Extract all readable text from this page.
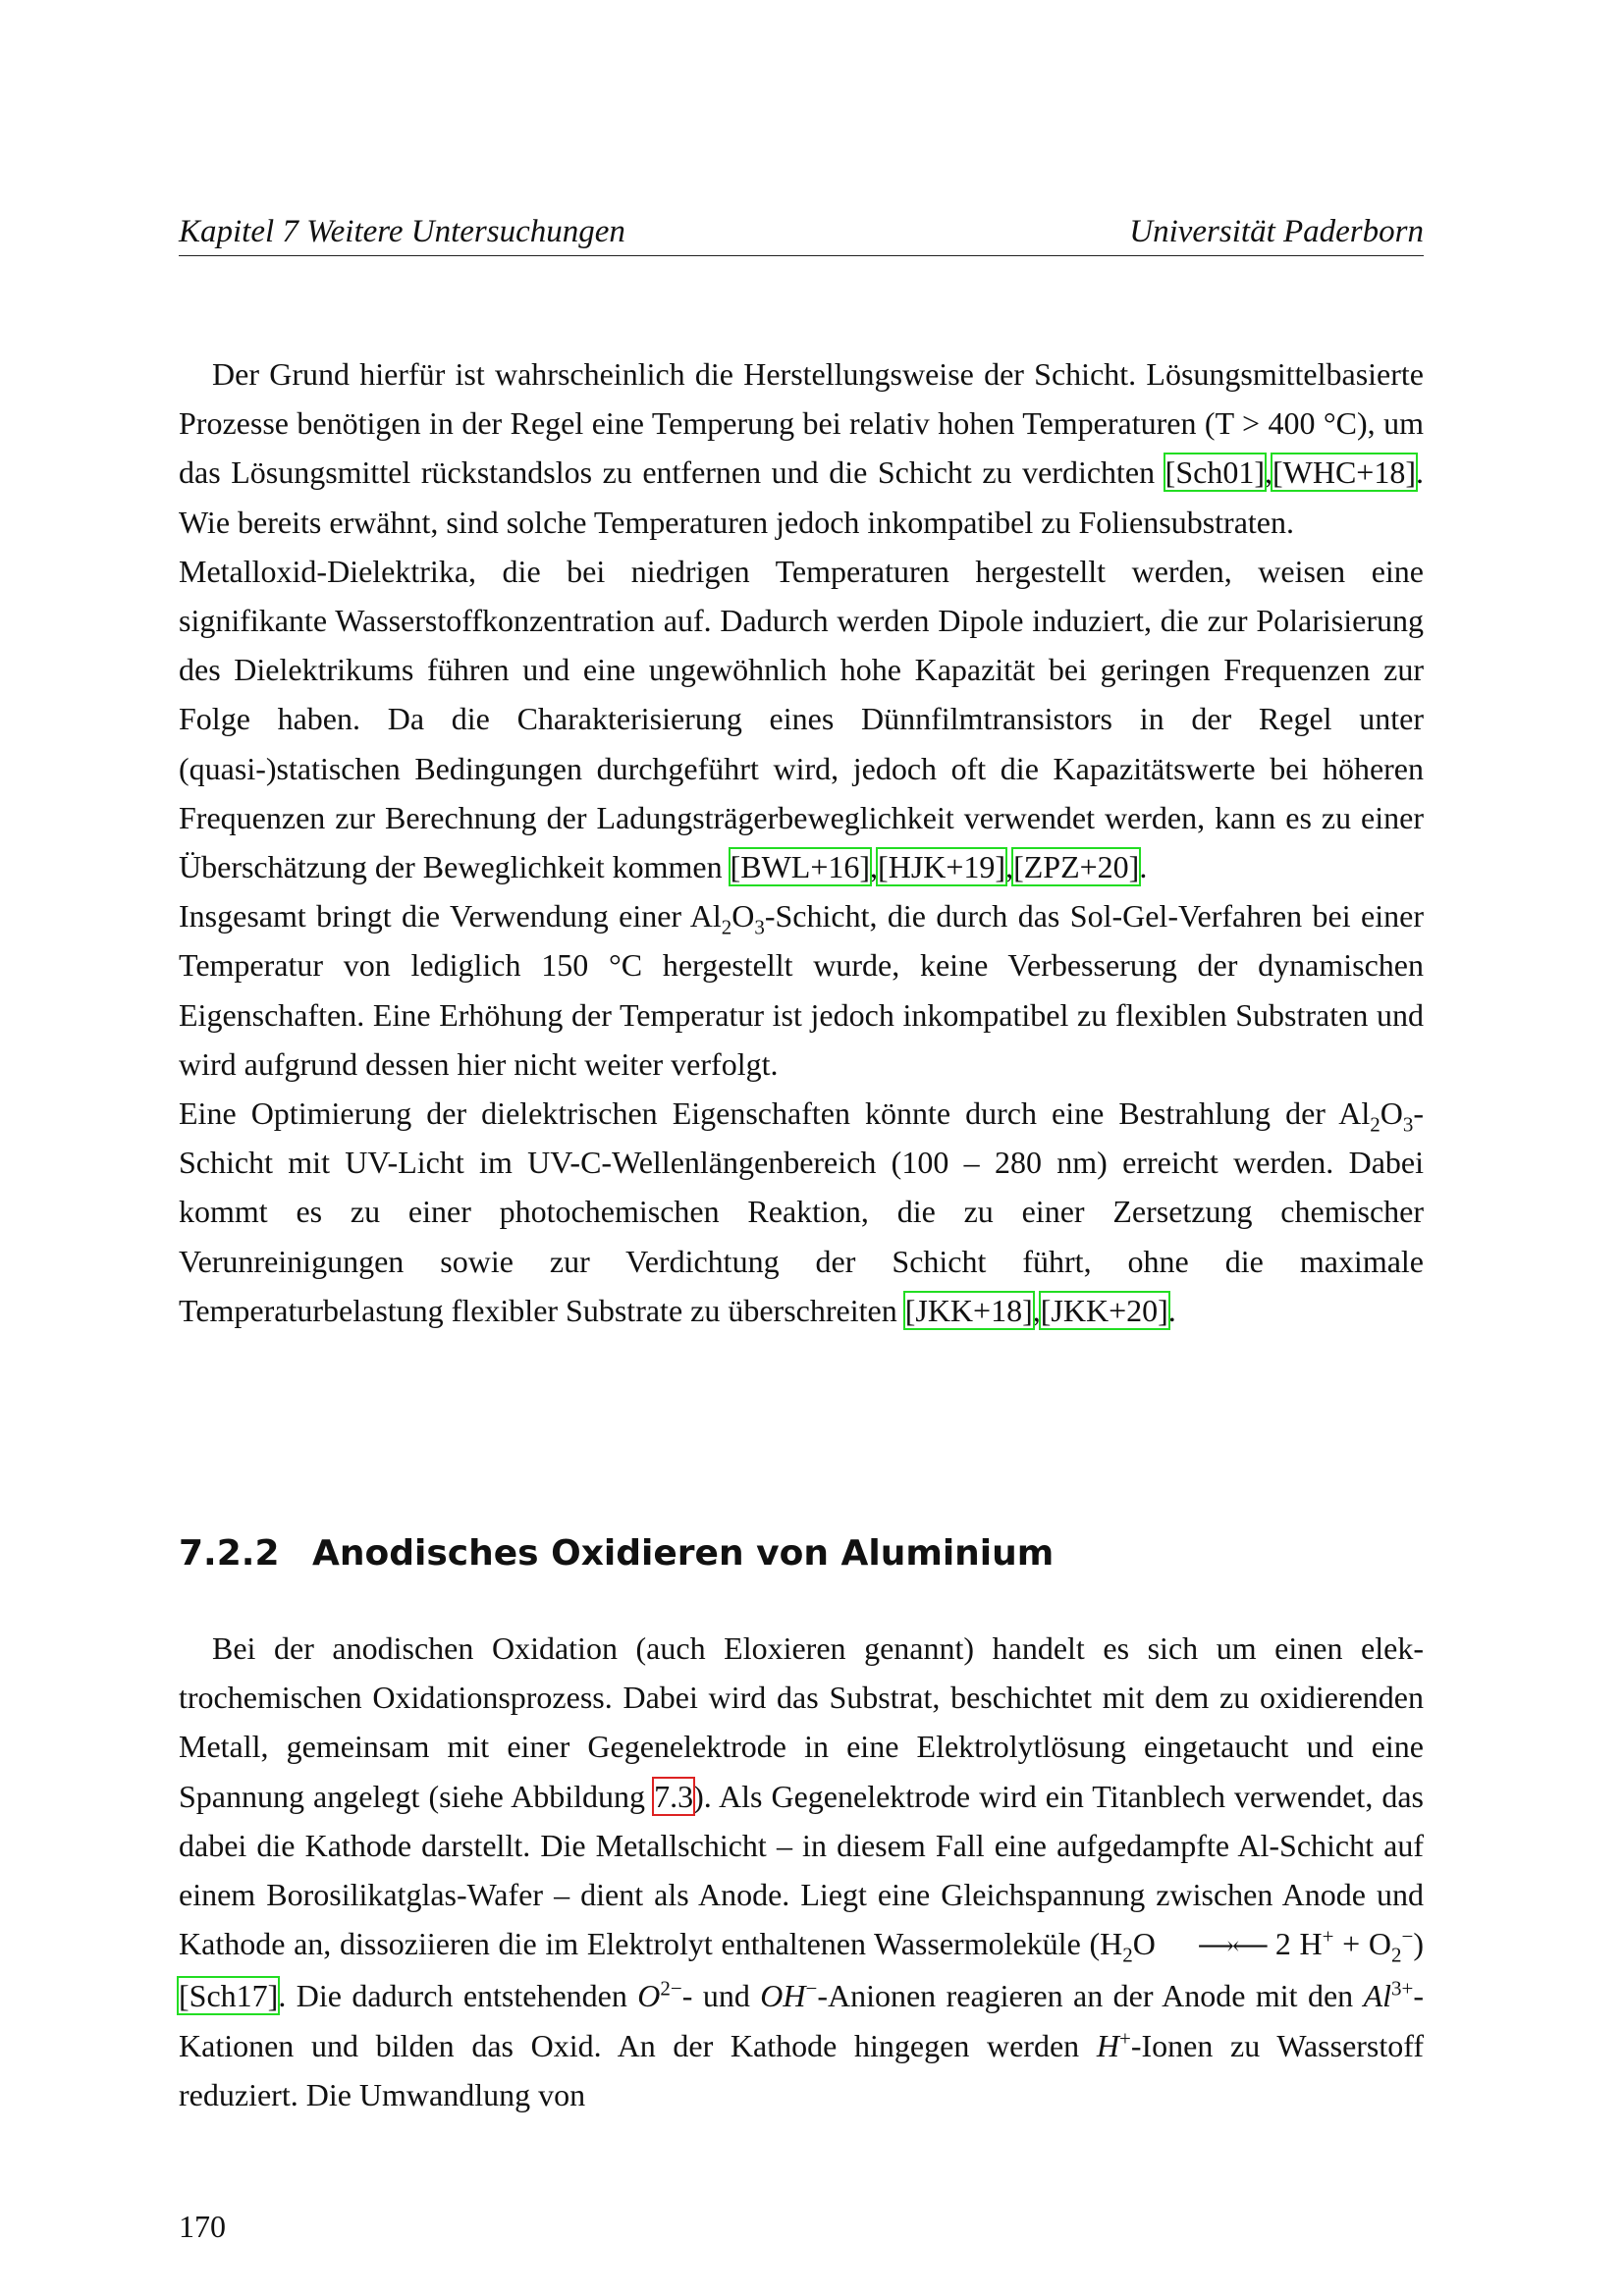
Kapitel 7 Weitere Untersuchungen	Universität Paderborn

Der Grund hierfür ist wahrscheinlich die Herstellungsweise der Schicht. Lösungsmittelbasierte Prozesse benötigen in der Regel eine Temperung bei relativ hohen Temperaturen (T > 400 °C), um das Lösungsmittel rückstandslos zu entfernen und die Schicht zu verdichten [Sch01],[WHC+18]. Wie bereits erwähnt, sind solche Temperaturen jedoch inkompatibel zu Foliensubstraten.

Metalloxid-Dielektrika, die bei niedrigen Temperaturen hergestellt werden, weisen eine signifikante Wasserstoffkonzentration auf. Dadurch werden Dipole induziert, die zur Polarisierung des Dielektrikums führen und eine ungewöhnlich hohe Kapazität bei geringen Frequenzen zur Folge haben. Da die Charakterisierung eines Dünnfilmtransistors in der Regel unter (quasi-)statischen Bedingungen durchgeführt wird, jedoch oft die Kapazitätswerte bei höheren Frequenzen zur Berechnung der Ladungsträgerbeweglichkeit verwendet werden, kann es zu einer Überschätzung der Beweglichkeit kommen [BWL+16],[HJK+19],[ZPZ+20].

Insgesamt bringt die Verwendung einer $Al_2O_3$-Schicht, die durch das Sol-Gel-Verfahren bei einer Temperatur von lediglich 150 °C hergestellt wurde, keine Verbesserung der dynamischen Eigenschaften. Eine Erhöhung der Temperatur ist jedoch inkompatibel zu flexiblen Substraten und wird aufgrund dessen hier nicht weiter verfolgt.

Eine Optimierung der dielektrischen Eigenschaften könnte durch eine Bestrahlung der $Al_2O_3$-Schicht mit UV-Licht im UV-C-Wellenlängenbereich (100 – 280 nm) erreicht werden. Dabei kommt es zu einer photochemischen Reaktion, die zu einer Zersetzung chemischer Verunreinigungen sowie zur Verdichtung der Schicht führt, ohne die maximale Temperaturbelastung flexibler Substrate zu überschreiten [JKK+18],[JKK+20].

7.2.2 Anodisches Oxidieren von Aluminium

Bei der anodischen Oxidation (auch Eloxieren genannt) handelt es sich um einen elektrochemischen Oxidationsprozess. Dabei wird das Substrat, beschichtet mit dem zu oxidierenden Metall, gemeinsam mit einer Gegenelektrode in eine Elektrolytlösung eingetaucht und eine Spannung angelegt (siehe Abbildung 7.3). Als Gegenelektrode wird ein Titanblech verwendet, das dabei die Kathode darstellt. Die Metallschicht – in diesem Fall eine aufgedampfte Al-Schicht auf einem Borosilikatglas-Wafer – dient als Anode. Liegt eine Gleichspannung zwischen Anode und Kathode an, dissoziieren die im Elektrolyt enthaltenen Wassermoleküle ($H_2O$ ⟶⟵ 2 $H^+ + O_2^-$) [Sch17]. Die dadurch entstehenden $O^{2-}-$ und OH−-Anionen reagieren an der Anode mit den $Al^{3+}$-Kationen und bilden das Oxid. An der Kathode hingegen werden H+-Ionen zu Wasserstoff reduziert. Die Umwandlung von

170
